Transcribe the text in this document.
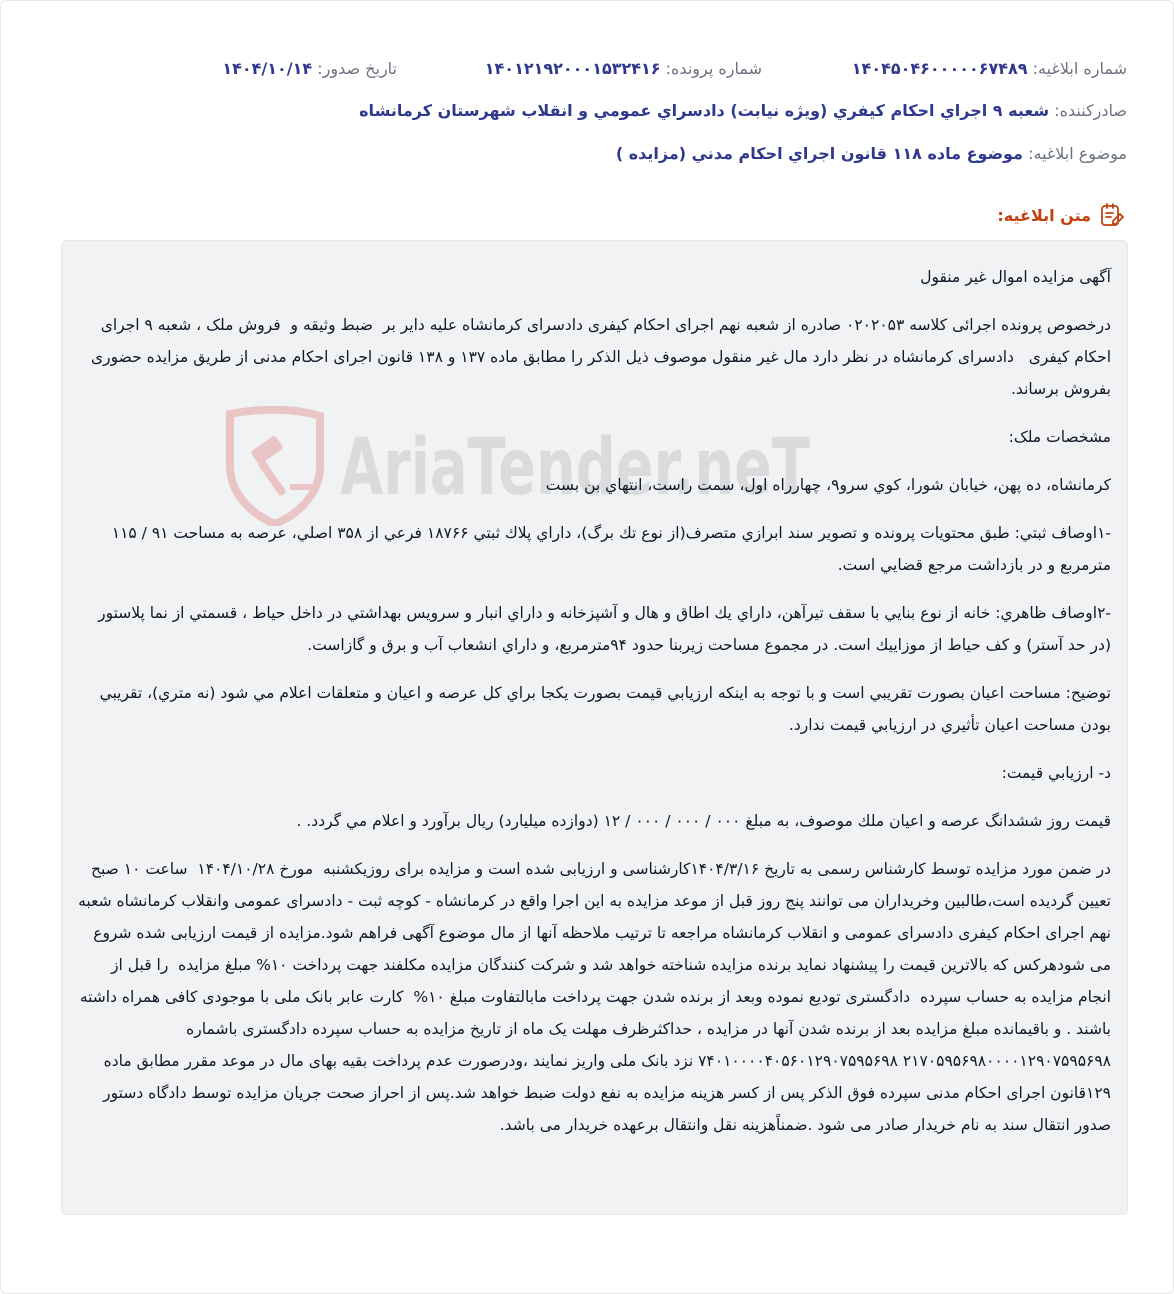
شماره ابلاغیه: ۱۴۰۴۵۰۴۶۰۰۰۰۰۶۷۴۸۹
شماره پرونده: ۱۴۰۱۲۱۹۲۰۰۰۱۵۳۲۴۱۶
تاریخ صدور: ۱۴۰۴/۱۰/۱۴
صادرکننده: شعبه ۹ اجراي احكام كيفري (ويژه نيابت) دادسراي عمومي و انقلاب شهرستان كرمانشاه
موضوع ابلاغیه: موضوع ماده ۱۱۸ قانون اجراي احكام مدني (مزايده )
متن ابلاغیه:
AriaTender.neT

آگهی مزایده اموال غیر منقول

درخصوص پرونده اجرائی کلاسه ۰۲۰۲۰۵۳ صادره از شعبه نهم اجرای احکام کیفری دادسرای کرمانشاه علیه دایر بر  ضبط وثیقه و  فروش ملک ، شعبه ۹ اجرای احکام کیفری   دادسرای کرمانشاه در نظر دارد مال غیر منقول موصوف ذیل الذکر را مطابق ماده ۱۳۷ و ۱۳۸ قانون اجرای احکام مدنی از طریق مزایده حضوری بفروش برساند.

مشخصات ملک:

كرمانشاه، ده پهن، خيابان شورا، كوي سرو۹، چهارراه اول، سمت راست، انتهاي بن بست

-۱اوصاف ثبتي: طبق محتويات پرونده و تصوير سند ابرازي متصرف(از نوع تك برگ)، داراي پلاك ثبتي ۱۸۷۶۶ فرعي از ۳۵۸ اصلي، عرصه به مساحت ۹۱ / ۱۱۵ مترمربع و در بازداشت مرجع قضايي است.

-۲اوصاف ظاهري: خانه از نوع بنايي با سقف تيرآهن، داراي يك اطاق و هال و آشپزخانه و داراي انبار و سرويس بهداشتي در داخل حياط ، قسمتي از نما پلاستور (در حد آستر) و كف حياط از موزاييك است. در مجموع مساحت زيربنا حدود ۹۴مترمربع، و داراي انشعاب آب و برق و گازاست.

توضيح: مساحت اعيان بصورت تقريبي است و با توجه به اينكه ارزيابي قيمت بصورت يكجا براي كل عرصه و اعيان و متعلقات اعلام مي شود (نه متري)، تقريبي بودن مساحت اعيان تأثيري در ارزيابي قيمت ندارد.

د- ارزيابي قيمت:

قيمت روز ششدانگ عرصه و اعيان ملك موصوف، به مبلغ ۰۰۰ / ۰۰۰ / ۰۰۰ / ۱۲ (دوازده ميليارد) ريال برآورد و اعلام مي گردد. .

در ضمن مورد مزایده توسط کارشناس رسمی به تاریخ ۱۴۰۴/۳/۱۶کارشناسی و ارزیابی شده است و مزایده برای روزیکشنبه  مورخ ۱۴۰۴/۱۰/۲۸  ساعت ۱۰ صبح تعیین گردیده است،طالبین وخریداران می توانند پنج روز قبل از موعد مزایده به این اجرا واقع در کرمانشاه - کوچه ثبت - دادسرای عمومی وانقلاب کرمانشاه شعبه نهم اجرای احکام کیفری دادسرای عمومی و انقلاب کرمانشاه مراجعه تا ترتیب ملاحظه آنها از مال موضوع آگهی فراهم شود.مزایده از قیمت ارزیابی شده شروع می شودهرکس که بالاترین قیمت را پیشنهاد نماید برنده مزایده شناخته خواهد شد و شرکت کنندگان مزایده مکلفند جهت پرداخت ۱۰% مبلغ مزایده  را قبل از انجام مزایده به حساب سپرده  دادگستری تودیع نموده وبعد از برنده شدن جهت پرداخت مابالتفاوت مبلغ ۱۰%  کارت عابر بانک ملی با موجودی کافی همراه داشته باشند . و باقیمانده مبلغ مزایده بعد از برنده شدن آنها در مزایده ، حداکثرظرف مهلت یک ماه از تاریخ مزایده به حساب سپرده دادگستری باشماره ۲۱۷۰۵۹۵۶۹۸۰۰۰۰۱۲۹۰۷۵۹۵۶۹۸ ۷۴۰۱۰۰۰۰۴۰۵۶۰۱۲۹۰۷۵۹۵۶۹۸ نزد بانک ملی واریز نمایند ،ودرصورت عدم پرداخت بقیه بهای مال در موعد مقرر مطابق ماده ۱۲۹قانون اجرای احکام مدنی سپرده فوق الذکر پس از کسر هزینه مزایده به نفع دولت ضبط خواهد شد.پس از احراز صحت جریان مزایده توسط دادگاه دستور صدور انتقال سند به نام خریدار صادر می شود .ضمناًهزینه نقل وانتقال برعهده خریدار می باشد.
